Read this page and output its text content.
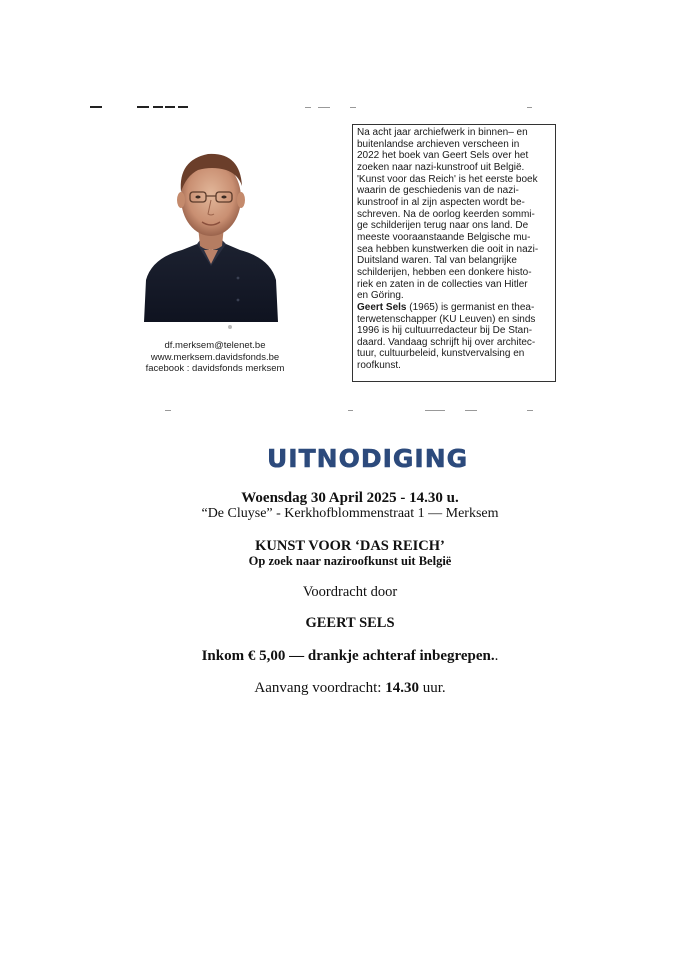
df.merksem@telenet.be
www.merksem.davidsfonds.be
facebook : davidsfonds merksem
Na acht jaar archiefwerk in binnen– en
buitenlandse archieven verscheen in
2022 het boek van Geert Sels over het
zoeken naar nazi-kunstroof uit België.
'Kunst voor das Reich' is het eerste boek
waarin de geschiedenis van de nazi-
kunstroof in al zijn aspecten wordt be-
schreven. Na de oorlog keerden sommi-
ge schilderijen terug naar ons land. De
meeste vooraanstaande Belgische mu-
sea hebben kunstwerken die ooit in nazi-
Duitsland waren. Tal van belangrijke
schilderijen, hebben een donkere histo-
riek en zaten in de collecties van Hitler
en Göring.
Geert Sels (1965) is germanist en thea-
terwetenschapper (KU Leuven) en sinds
1996 is hij cultuurredacteur bij De Stan-
daard. Vandaag schrijft hij over architec-
tuur, cultuurbeleid, kunstvervalsing en
roofkunst.
UITNODIGING
Woensdag 30 April 2025 - 14.30 u.
“De Cluyse” - Kerkhofblommenstraat 1 — Merksem
KUNST VOOR ‘DAS REICH’
Op zoek naar naziroofkunst uit België
Voordracht door
GEERT SELS
Inkom € 5,00 — drankje achteraf inbegrepen..
Aanvang voordracht: 14.30 uur.
